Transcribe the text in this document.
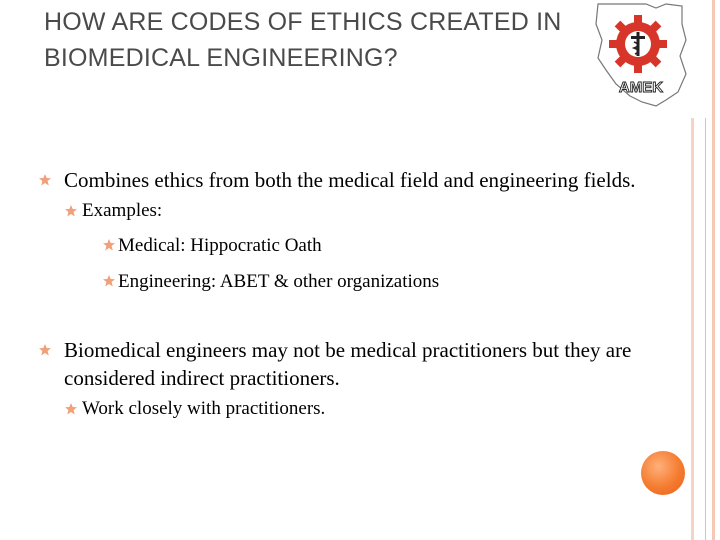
HOW ARE CODES OF ETHICS CREATED IN BIOMEDICAL ENGINEERING?
AMEK
Combines ethics from both the medical field and engineering fields.
Examples:
Medical: Hippocratic Oath
Engineering: ABET & other organizations
Biomedical engineers may not be medical practitioners but they are considered indirect practitioners.
Work closely with practitioners.
